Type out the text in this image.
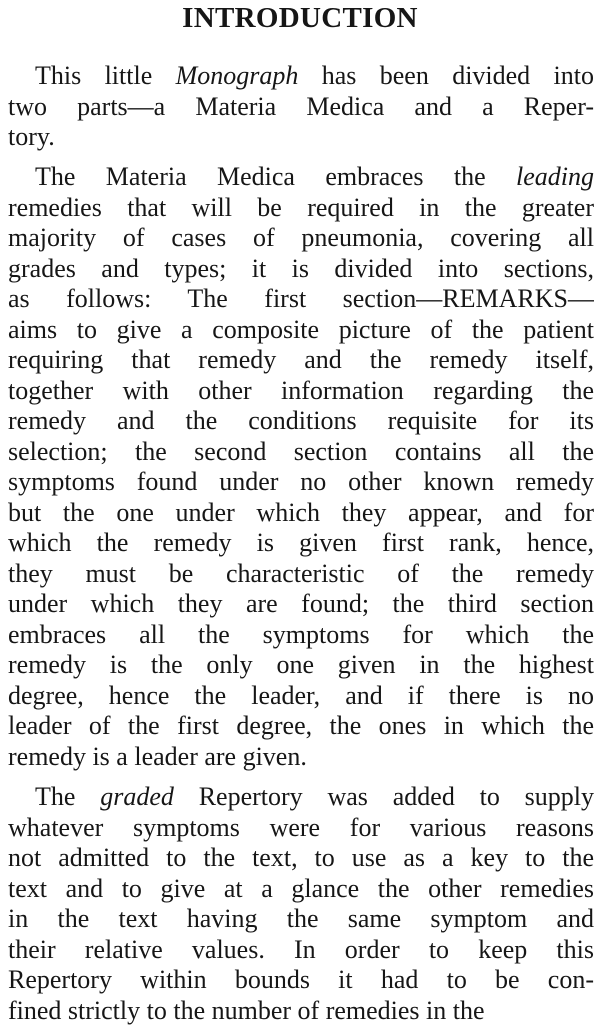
INTRODUCTION
This little Monograph has been divided into
two parts—a Materia Medica and a Reper-
tory.
The Materia Medica embraces the leading
remedies that will be required in the greater
majority of cases of pneumonia, covering all
grades and types; it is divided into sections,
as follows: The first section—REMARKS—
aims to give a composite picture of the patient
requiring that remedy and the remedy itself,
together with other information regarding the
remedy and the conditions requisite for its
selection; the second section contains all the
symptoms found under no other known remedy
but the one under which they appear, and for
which the remedy is given first rank, hence,
they must be characteristic of the remedy
under which they are found; the third section
embraces all the symptoms for which the
remedy is the only one given in the highest
degree, hence the leader, and if there is no
leader of the first degree, the ones in which the
remedy is a leader are given.
The graded Repertory was added to supply
whatever symptoms were for various reasons
not admitted to the text, to use as a key to the
text and to give at a glance the other remedies
in the text having the same symptom and
their relative values. In order to keep this
Repertory within bounds it had to be con-
fined strictly to the number of remedies in the
